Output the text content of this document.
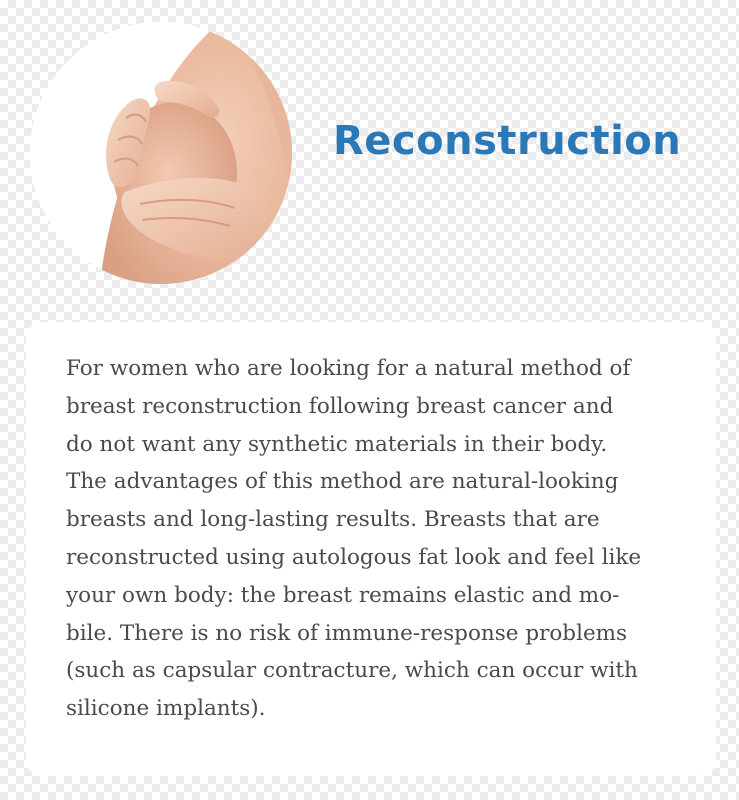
Reconstruction

For women who are looking for a natural method of
breast reconstruction following breast cancer and
do not want any synthetic materials in their body.
The advantages of this method are natural-looking
breasts and long-lasting results. Breasts that are
reconstructed using autologous fat look and feel like
your own body: the breast remains elastic and mo-
bile. There is no risk of immune-response problems
(such as capsular contracture, which can occur with
silicone implants).
